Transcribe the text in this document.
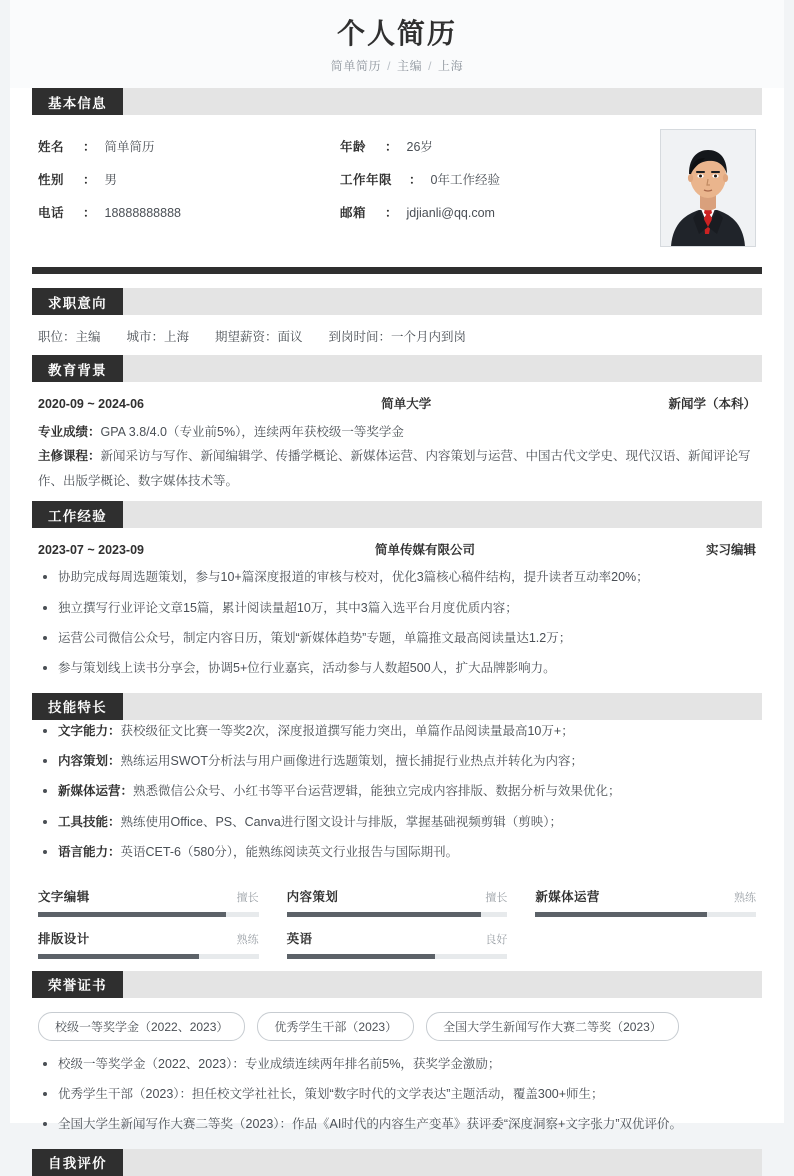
个人简历

简单简历 / 主编 / 上海

基本信息
姓名	： 简单简历	年龄	： 26岁
性别	： 男	工作年限	： 0年工作经验
电话	： 18888888888	邮箱	： jdjianli@qq.com
求职意向
职位：主编 城市：上海 期望薪资：面议 到岗时间：一个月内到岗
教育背景
2020-09 ~ 2024-06	简单大学	新闻学（本科）
专业成绩：GPA 3.8/4.0（专业前5%），连续两年获校级一等奖学金
主修课程：新闻采访与写作、新闻编辑学、传播学概论、新媒体运营、内容策划与运营、中国古代文学史、现代汉语、新闻评论写作、出版学概论、数字媒体技术等。
工作经验
2023-07 ~ 2023-09	简单传媒有限公司	实习编辑
协助完成每周选题策划，参与10+篇深度报道的审核与校对，优化3篇核心稿件结构，提升读者互动率20%；
独立撰写行业评论文章15篇，累计阅读量超10万，其中3篇入选平台月度优质内容；
运营公司微信公众号，制定内容日历，策划“新媒体趋势”专题，单篇推文最高阅读量达1.2万；
参与策划线上读书分享会，协调5+位行业嘉宾，活动参与人数超500人，扩大品牌影响力。
技能特长
文字能力：获校级征文比赛一等奖2次，深度报道撰写能力突出，单篇作品阅读量最高10万+；
内容策划：熟练运用SWOT分析法与用户画像进行选题策划，擅长捕捉行业热点并转化为内容；
新媒体运营：熟悉微信公众号、小红书等平台运营逻辑，能独立完成内容排版、数据分析与效果优化；
工具技能：熟练使用Office、PS、Canva进行图文设计与排版，掌握基础视频剪辑（剪映）；
语言能力：英语CET-6（580分），能熟练阅读英文行业报告与国际期刊。
文字编辑	擅长 内容策划	擅长 新媒体运营	熟练
排版设计	熟练 英语	良好
荣誉证书
校级一等奖学金（2022、2023）	优秀学生干部（2023）	全国大学生新闻写作大赛二等奖（2023）
校级一等奖学金（2022、2023）：专业成绩连续两年排名前5%，获奖学金激励；
优秀学生干部（2023）：担任校文学社社长，策划“数字时代的文学表达”主题活动，覆盖300+师生；
全国大学生新闻写作大赛二等奖（2023）：作品《AI时代的内容生产变革》获评委“深度洞察+文字张力”双优评价。
自我评价
